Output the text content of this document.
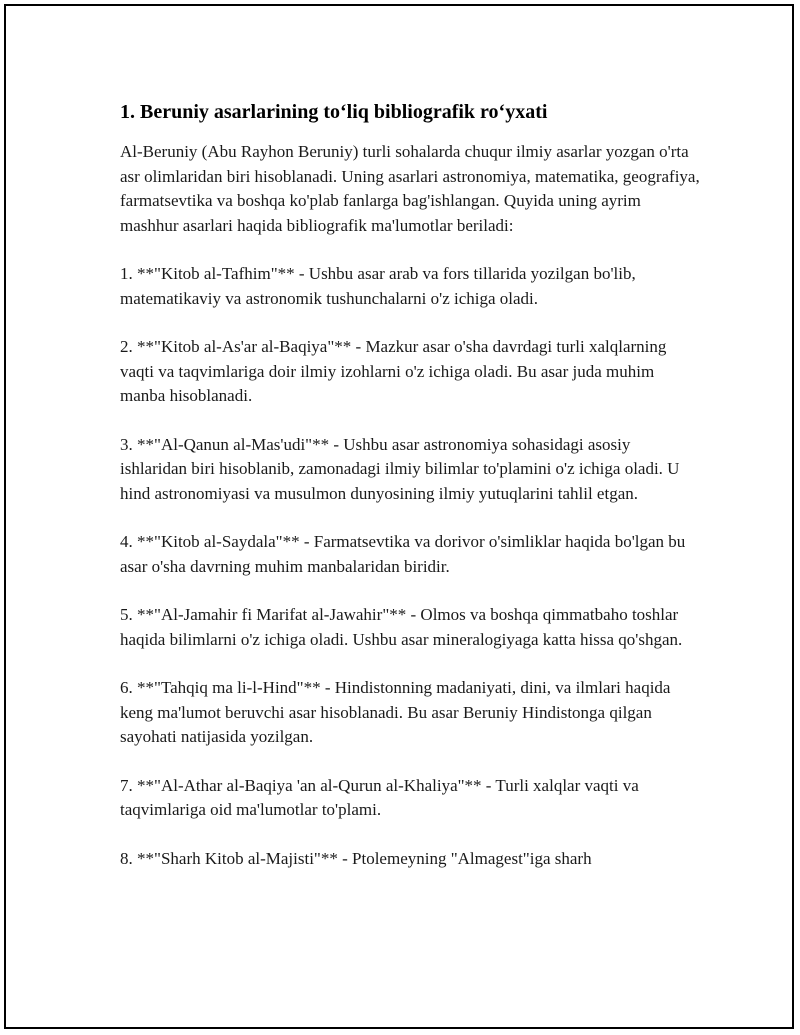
1. Beruniy asarlarining to‘liq bibliografik ro‘yxati

Al-Beruniy (Abu Rayhon Beruniy) turli sohalarda chuqur ilmiy asarlar yozgan o'rta asr olimlaridan biri hisoblanadi. Uning asarlari astronomiya, matematika, geografiya, farmatsevtika va boshqa ko'plab fanlarga bag'ishlangan. Quyida uning ayrim mashhur asarlari haqida bibliografik ma'lumotlar beriladi:

1. **"Kitob al-Tafhim"** - Ushbu asar arab va fors tillarida yozilgan bo'lib, matematikaviy va astronomik tushunchalarni o'z ichiga oladi.

2. **"Kitob al-As'ar al-Baqiya"** - Mazkur asar o'sha davrdagi turli xalqlarning vaqti va taqvimlariga doir ilmiy izohlarni o'z ichiga oladi. Bu asar juda muhim manba hisoblanadi.

3. **"Al-Qanun al-Mas'udi"** - Ushbu asar astronomiya sohasidagi asosiy ishlaridan biri hisoblanib, zamonadagi ilmiy bilimlar to'plamini o'z ichiga oladi. U hind astronomiyasi va musulmon dunyosining ilmiy yutuqlarini tahlil etgan.

4. **"Kitob al-Saydala"** - Farmatsevtika va dorivor o'simliklar haqida bo'lgan bu asar o'sha davrning muhim manbalaridan biridir.

5. **"Al-Jamahir fi Marifat al-Jawahir"** - Olmos va boshqa qimmatbaho toshlar haqida bilimlarni o'z ichiga oladi. Ushbu asar mineralogiyaga katta hissa qo'shgan.

6. **"Tahqiq ma li-l-Hind"** - Hindistonning madaniyati, dini, va ilmlari haqida keng ma'lumot beruvchi asar hisoblanadi. Bu asar Beruniy Hindistonga qilgan sayohati natijasida yozilgan.

7. **"Al-Athar al-Baqiya 'an al-Qurun al-Khaliya"** - Turli xalqlar vaqti va taqvimlariga oid ma'lumotlar to'plami.

8. **"Sharh Kitob al-Majisti"** - Ptolemeyning "Almagest"iga sharh
